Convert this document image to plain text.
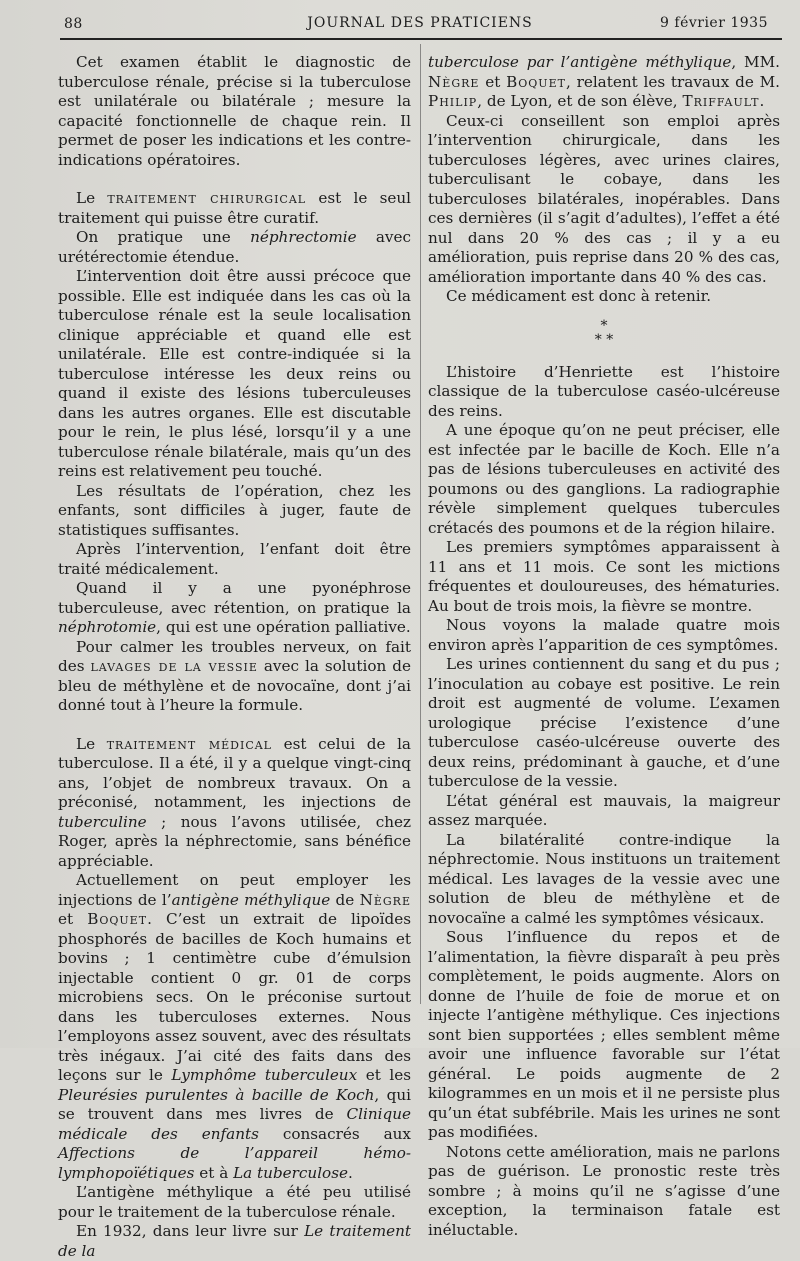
88	JOURNAL DES PRATICIENS	9 février 1935

Cet examen établit le diagnostic de tuberculose rénale, précise si la tuberculose est unilatérale ou bilatérale ; mesure la capacité fonctionnelle de chaque rein. Il permet de poser les indications et les contre-indications opératoires.

Le traitement chirurgical est le seul traitement qui puisse être curatif.

On pratique une néphrectomie avec urétérectomie étendue.

L’intervention doit être aussi précoce que possible. Elle est indiquée dans les cas où la tuberculose rénale est la seule localisation clinique appréciable et quand elle est unilatérale. Elle est contre-indiquée si la tuberculose intéresse les deux reins ou quand il existe des lésions tuberculeuses dans les autres organes. Elle est discutable pour le rein, le plus lésé, lorsqu’il y a une tuberculose rénale bilatérale, mais qu’un des reins est relativement peu touché.

Les résultats de l’opération, chez les enfants, sont difficiles à juger, faute de statistiques suffisantes.

Après l’intervention, l’enfant doit être traité médicalement.

Quand il y a une pyonéphrose tuberculeuse, avec rétention, on pratique la néphrotomie, qui est une opération palliative.

Pour calmer les troubles nerveux, on fait des lavages de la vessie avec la solution de bleu de méthylène et de novocaïne, dont j’ai donné tout à l’heure la formule.

Le traitement médical est celui de la tuberculose. Il a été, il y a quelque vingt-cinq ans, l’objet de nombreux travaux. On a préconisé, notamment, les injections de tuberculine ; nous l’avons utilisée, chez Roger, après la néphrectomie, sans bénéfice appréciable.

Actuellement on peut employer les injections de l’antigène méthylique de Nègre et Boquet. C’est un extrait de lipoïdes phosphorés de bacilles de Koch humains et bovins ; 1 centimètre cube d’émulsion injectable contient 0 gr. 01 de corps microbiens secs. On le préconise surtout dans les tuberculoses externes. Nous l’employons assez souvent, avec des résultats très inégaux. J’ai cité des faits dans des leçons sur le Lymphôme tuberculeux et les Pleurésies purulentes à bacille de Koch, qui se trouvent dans mes livres de Clinique médicale des enfants consacrés aux Affections de l’appareil hémo-lymphopoïétiques et à La tuberculose.

L’antigène méthylique a été peu utilisé pour le traitement de la tuberculose rénale.

En 1932, dans leur livre sur Le traitement de la

tuberculose par l’antigène méthylique, MM. Nègre et Boquet, relatent les travaux de M. Philip, de Lyon, et de son élève, Triffault.

Ceux-ci conseillent son emploi après l’intervention chirurgicale, dans les tuberculoses légères, avec urines claires, tuberculisant le cobaye, dans les tuberculoses bilatérales, inopérables. Dans ces dernières (il s’agit d’adultes), l’effet a été nul dans 20 % des cas ; il y a eu amélioration, puis reprise dans 20 % des cas, amélioration importante dans 40 % des cas.

Ce médicament est donc à retenir.

*
* *

L’histoire d’Henriette est l’histoire classique de la tuberculose caséo-ulcéreuse des reins.

A une époque qu’on ne peut préciser, elle est infectée par le bacille de Koch. Elle n’a pas de lésions tuberculeuses en activité des poumons ou des ganglions. La radiographie révèle simplement quelques tubercules crétacés des poumons et de la région hilaire.

Les premiers symptômes apparaissent à 11 ans et 11 mois. Ce sont les mictions fréquentes et douloureuses, des hématuries. Au bout de trois mois, la fièvre se montre.

Nous voyons la malade quatre mois environ après l’apparition de ces symptômes.

Les urines contiennent du sang et du pus ; l’inoculation au cobaye est positive. Le rein droit est augmenté de volume. L’examen urologique précise l’existence d’une tuberculose caséo-ulcéreuse ouverte des deux reins, prédominant à gauche, et d’une tuberculose de la vessie.

L’état général est mauvais, la maigreur assez marquée.

La bilatéralité contre-indique la néphrectomie. Nous instituons un traitement médical. Les lavages de la vessie avec une solution de bleu de méthylène et de novocaïne a calmé les symptômes vésicaux.

Sous l’influence du repos et de l’alimentation, la fièvre disparaît à peu près complètement, le poids augmente. Alors on donne de l’huile de foie de morue et on injecte l’antigène méthylique. Ces injections sont bien supportées ; elles semblent même avoir une influence favorable sur l’état général. Le poids augmente de 2 kilogrammes en un mois et il ne persiste plus qu’un état subfébrile. Mais les urines ne sont pas modifiées.

Notons cette amélioration, mais ne parlons pas de guérison. Le pronostic reste très sombre ; à moins qu’il ne s’agisse d’une exception, la terminaison fatale est inéluctable.
